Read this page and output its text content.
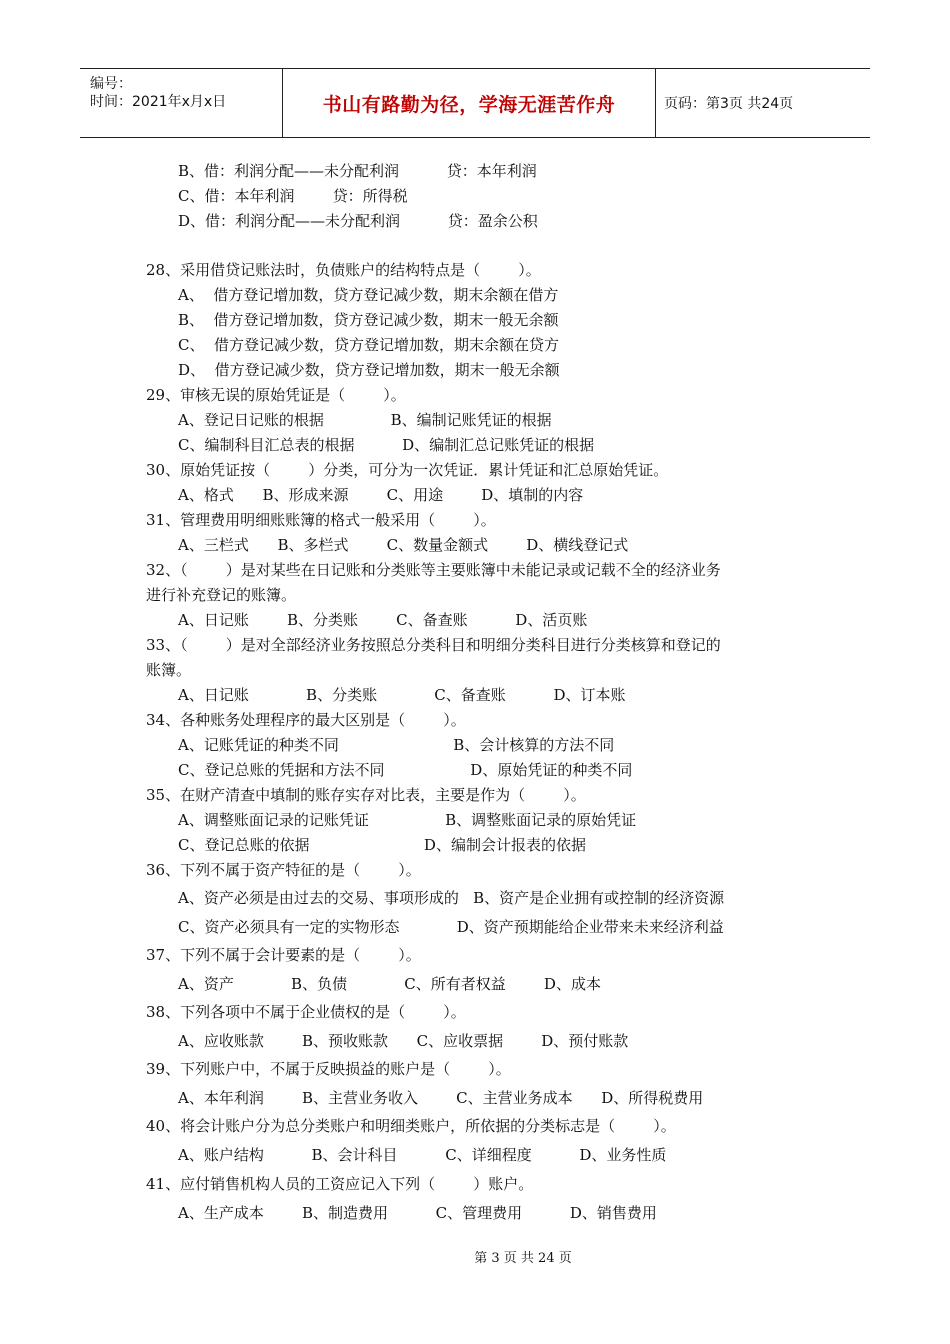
编号：
时间：2021年x月x日	书山有路勤为径，学海无涯苦作舟	页码：第3页 共24页
B、借：利润分配——未分配利润          贷：本年利润
C、借：本年利润        贷：所得税
D、借：利润分配——未分配利润          贷：盈余公积
28、采用借贷记账法时，负债账户的结构特点是（        ）。
A、  借方登记增加数，贷方登记减少数，期末余额在借方
B、  借方登记增加数，贷方登记减少数，期末一般无余额
C、  借方登记减少数，贷方登记增加数，期末余额在贷方
D、  借方登记减少数，贷方登记增加数，期末一般无余额
29、审核无误的原始凭证是（        ）。
A、登记日记账的根据              B、编制记账凭证的根据
C、编制科目汇总表的根据          D、编制汇总记账凭证的根据
30、原始凭证按（        ）分类，可分为一次凭证．累计凭证和汇总原始凭证。
A、格式      B、形成来源        C、用途        D、填制的内容
31、管理费用明细账账簿的格式一般采用（        ）。
A、三栏式      B、多栏式        C、数量金额式        D、横线登记式
32、（        ）是对某些在日记账和分类账等主要账簿中未能记录或记载不全的经济业务
进行补充登记的账簿。
A、日记账        B、分类账        C、备查账          D、活页账
33、（        ）是对全部经济业务按照总分类科目和明细分类科目进行分类核算和登记的
账簿。
A、日记账            B、分类账            C、备查账          D、订本账
34、各种账务处理程序的最大区别是（        ）。
A、记账凭证的种类不同                        B、会计核算的方法不同
C、登记总账的凭据和方法不同                  D、原始凭证的种类不同
35、在财产清查中填制的账存实存对比表，主要是作为（        ）。
A、调整账面记录的记账凭证                B、调整账面记录的原始凭证
C、登记总账的依据                        D、编制会计报表的依据
36、下列不属于资产特征的是（        ）。
A、资产必须是由过去的交易、事项形成的   B、资产是企业拥有或控制的经济资源
C、资产必须具有一定的实物形态            D、资产预期能给企业带来未来经济利益
37、下列不属于会计要素的是（        ）。
A、资产            B、负债            C、所有者权益        D、成本
38、下列各项中不属于企业债权的是（        ）。
A、应收账款        B、预收账款      C、应收票据        D、预付账款
39、下列账户中，不属于反映损益的账户是（        ）。
A、本年利润        B、主营业务收入        C、主营业务成本      D、所得税费用
40、将会计账户分为总分类账户和明细类账户，所依据的分类标志是（        ）。
A、账户结构          B、会计科目          C、详细程度          D、业务性质
41、应付销售机构人员的工资应记入下列（        ）账户。
A、生产成本        B、制造费用          C、管理费用          D、销售费用
第 3 页 共 24 页
